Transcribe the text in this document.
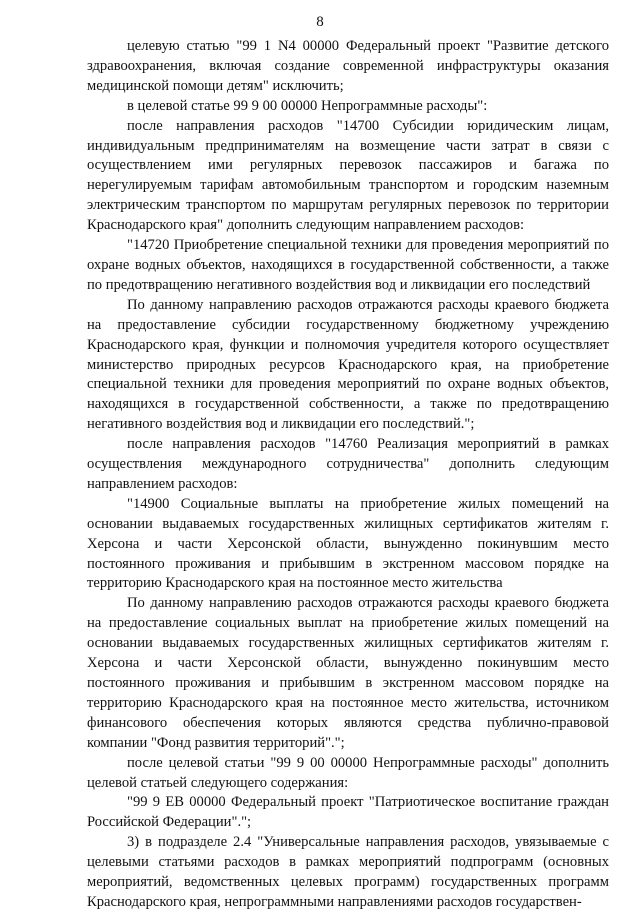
8

целевую статью "99 1 N4 00000 Федеральный проект "Развитие детского здравоохранения, включая создание современной инфраструктуры оказания медицинской помощи детям" исключить;

в целевой статье 99 9 00 00000 Непрограммные расходы":

после направления расходов "14700 Субсидии юридическим лицам, индивидуальным предпринимателям на возмещение части затрат в связи с осуществлением ими регулярных перевозок пассажиров и багажа по нерегулируемым тарифам автомобильным транспортом и городским наземным электрическим транспортом по маршрутам регулярных перевозок по территории Краснодарского края" дополнить следующим направлением расходов:

"14720 Приобретение специальной техники для проведения мероприятий по охране водных объектов, находящихся в государственной собственности, а также по предотвращению негативного воздействия вод и ликвидации его последствий

По данному направлению расходов отражаются расходы краевого бюджета на предоставление субсидии государственному бюджетному учреждению Краснодарского края, функции и полномочия учредителя которого осуществляет министерство природных ресурсов Краснодарского края, на приобретение специальной техники для проведения мероприятий по охране водных объектов, находящихся в государственной собственности, а также по предотвращению негативного воздействия вод и ликвидации его последствий.";

после направления расходов "14760 Реализация мероприятий в рамках осуществления международного сотрудничества" дополнить следующим направлением расходов:

"14900 Социальные выплаты на приобретение жилых помещений на основании выдаваемых государственных жилищных сертификатов жителям г. Херсона и части Херсонской области, вынужденно покинувшим место постоянного проживания и прибывшим в экстренном массовом порядке на территорию Краснодарского края на постоянное место жительства

По данному направлению расходов отражаются расходы краевого бюджета на предоставление социальных выплат на приобретение жилых помещений на основании выдаваемых государственных жилищных сертификатов жителям г. Херсона и части Херсонской области, вынужденно покинувшим место постоянного проживания и прибывшим в экстренном массовом порядке на территорию Краснодарского края на постоянное место жительства, источником финансового обеспечения которых являются средства публично-правовой компании "Фонд развития территорий".";

после целевой статьи "99 9 00 00000 Непрограммные расходы" дополнить целевой статьей следующего содержания:

"99 9 EB 00000 Федеральный проект "Патриотическое воспитание граждан Российской Федерации".";

3) в подразделе 2.4 "Универсальные направления расходов, увязываемые с целевыми статьями расходов в рамках мероприятий подпрограмм (основных мероприятий, ведомственных целевых программ) государственных программ Краснодарского края, непрограммными направлениями расходов государствен-
